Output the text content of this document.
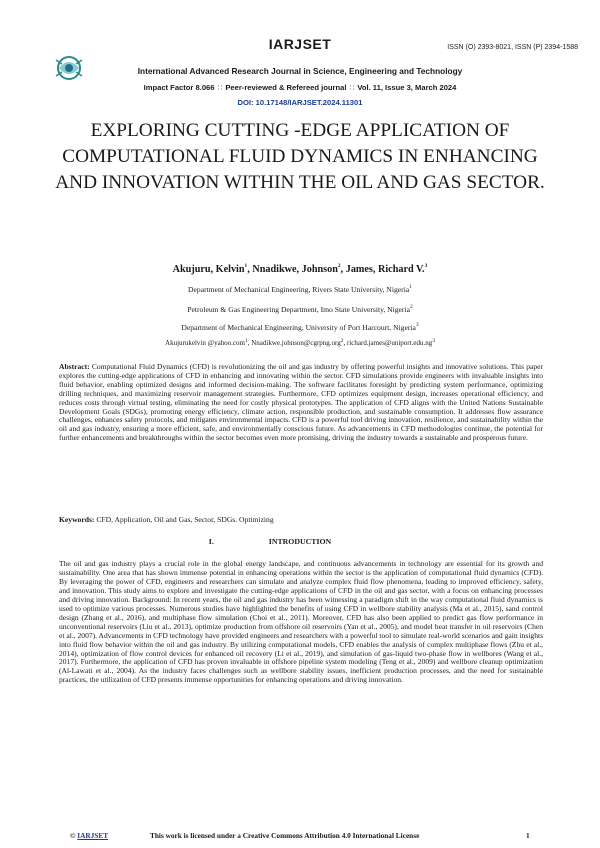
IARJSET	ISSN (O) 2393-8021, ISSN (P) 2394-1588
International Advanced Research Journal in Science, Engineering and Technology
Impact Factor 8.066 ∷ Peer-reviewed & Refereed journal ∷ Vol. 11, Issue 3, March 2024
DOI: 10.17148/IARJSET.2024.11301
EXPLORING CUTTING -EDGE APPLICATION OF COMPUTATIONAL FLUID DYNAMICS IN ENHANCING AND INNOVATION WITHIN THE OIL AND GAS SECTOR.
Akujuru, Kelvin$^1$, Nnadikwe, Johnson$^2$, James, Richard V.$^3$
Department of Mechanical Engineering, Rivers State University, Nigeria$^1$
Petroleum & Gas Engineering Department, Imo State University, Nigeria$^2$
Department of Mechanical Engineering, University of Port Harcourt, Nigeria$^3$
Akujurukelvin @yahoo.com$^1$, Nnadikwe.johnson@cgrpng.org$^2$, $richard.james@uniport.edu.ng^3$

Abstract: Computational Fluid Dynamics (CFD) is revolutionizing the oil and gas industry by offering powerful insights and innovative solutions. This paper explores the cutting-edge applications of CFD in enhancing and innovating within the sector. CFD simulations provide engineers with invaluable insights into fluid behavior, enabling optimized designs and informed decision-making. The software facilitates foresight by predicting system performance, optimizing drilling techniques, and maximizing reservoir management strategies. Furthermore, CFD optimizes equipment design, increases operational efficiency, and reduces costs through virtual testing, eliminating the need for costly physical prototypes. The application of CFD aligns with the United Nations Sustainable Development Goals (SDGs), promoting energy efficiency, climate action, responsible production, and sustainable consumption. It addresses flow assurance challenges, enhances safety protocols, and mitigates environmental impacts. CFD is a powerful tool driving innovation, resilience, and sustainability within the oil and gas industry, ensuring a more efficient, safe, and environmentally conscious future. As advancements in CFD methodologies continue, the potential for further enhancements and breakthroughs within the sector becomes even more promising, driving the industry towards a sustainable and prosperous future.

Keywords: CFD, Application, Oil and Gas, Sector, SDGs. Optimizing

I.	INTRODUCTION

The oil and gas industry plays a crucial role in the global energy landscape, and continuous advancements in technology are essential for its growth and sustainability. One area that has shown immense potential in enhancing operations within the sector is the application of computational fluid dynamics (CFD). By leveraging the power of CFD, engineers and researchers can simulate and analyze complex fluid flow phenomena, leading to improved efficiency, safety, and innovation. This study aims to explore and investigate the cutting-edge applications of CFD in the oil and gas sector, with a focus on enhancing processes and driving innovation. Background: In recent years, the oil and gas industry has been witnessing a paradigm shift in the way computational fluid dynamics is used to optimize various processes. Numerous studies have highlighted the benefits of using CFD in wellbore stability analysis (Ma et al., 2015), sand control design (Zhang et al., 2016), and multiphase flow simulation (Choi et al., 2011). Moreover, CFD has also been applied to predict gas flow performance in unconventional reservoirs (Liu et al., 2013), optimize production from offshore oil reservoirs (Yan et al., 2005), and model heat transfer in oil reservoirs (Chen et al., 2007). Advancements in CFD technology have provided engineers and researchers with a powerful tool to simulate real-world scenarios and gain insights into fluid flow behavior within the oil and gas industry. By utilizing computational models, CFD enables the analysis of complex multiphase flows (Zhu et al., 2014), optimization of flow control devices for enhanced oil recovery (Li et al., 2019), and simulation of gas-liquid two-phase flow in wellbores (Wang et al., 2017). Furthermore, the application of CFD has proven invaluable in offshore pipeline system modeling (Teng et al., 2009) and wellbore cleanup optimization (Al-Lawati et al., 2004). As the industry faces challenges such as wellbore stability issues, inefficient production processes, and the need for sustainable practices, the utilization of CFD presents immense opportunities for enhancing operations and driving innovation.

© IARJSET	This work is licensed under a Creative Commons Attribution 4.0 International License	1
